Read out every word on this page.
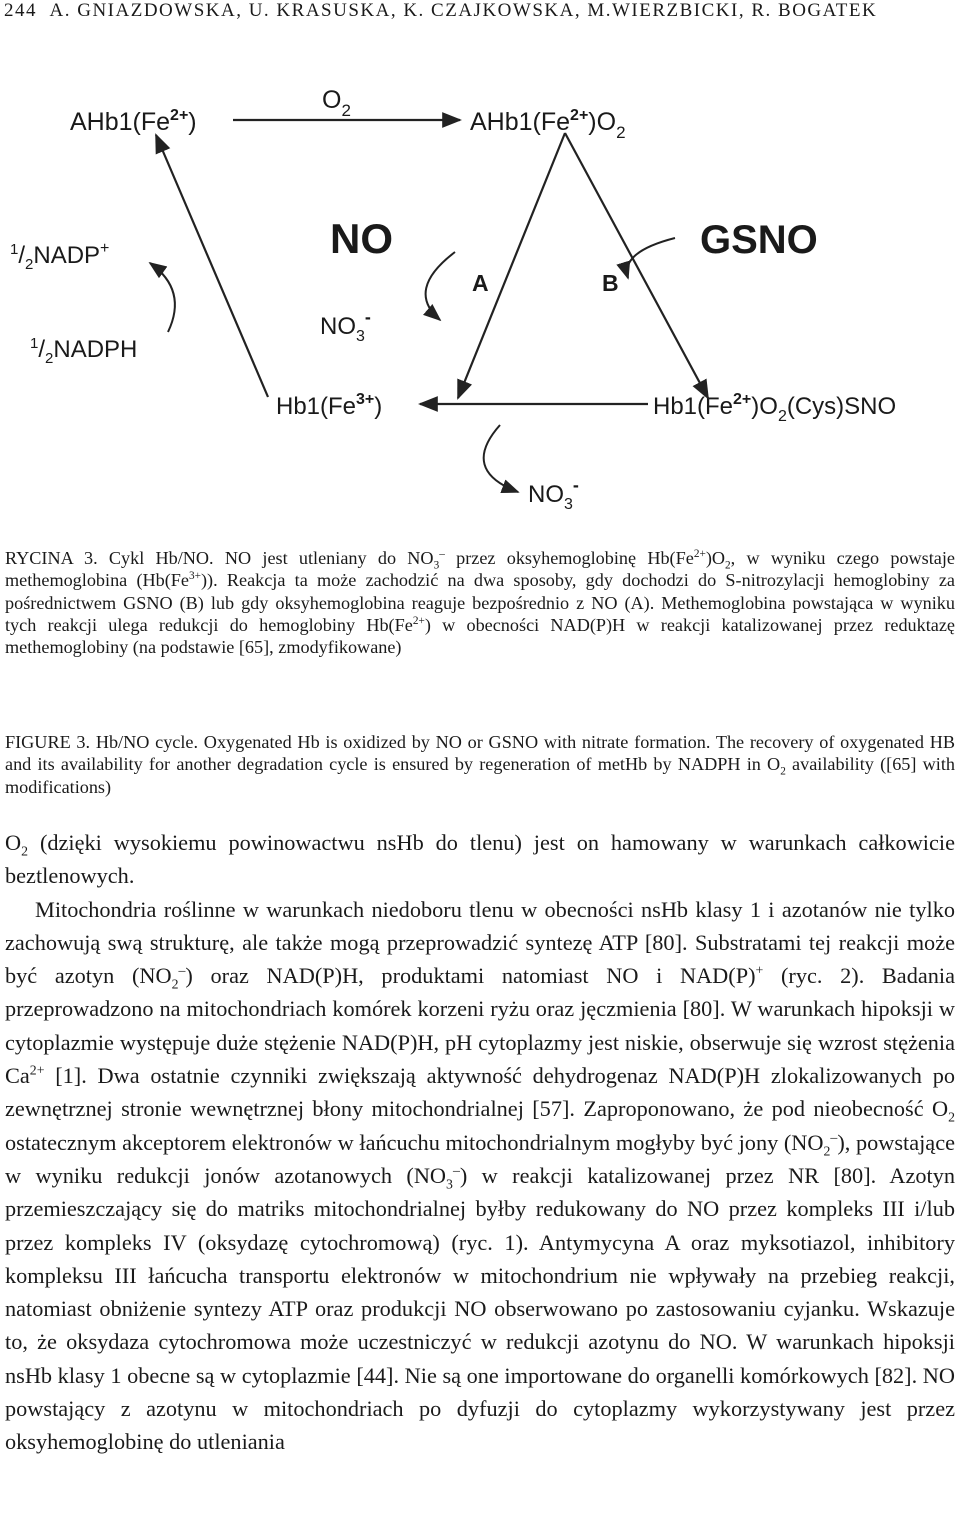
244 A. GNIAZDOWSKA, U. KRASUSKA, K. CZAJKOWSKA, M.WIERZBICKI, R. BOGATEK
$AHb1(Fe^{2+})$
$O_2$	$AHb1(Fe^{2+})O_2$
NO	GSNO
$^1/_2NADP^+$
$^1/_2NADPH$
A	B
$NO_3^-$
$Hb1(Fe^{3+})$	$Hb1(Fe^{2+})O_2(Cys)SNO$
$NO_3^-$
RYCINA 3. Cykl Hb/NO. NO jest utleniany do $NO_3^-$ przez oksyhemoglobinę $Hb(Fe^{2+})O_2$, w wyniku czego powstaje methemoglobina $(Hb(Fe^{3+}))$. Reakcja ta może zachodzić na dwa sposoby, gdy dochodzi do S-nitrozylacji hemoglobiny za pośrednictwem GSNO (B) lub gdy oksyhemoglobina reaguje bezpośrednio z NO (A). Methemoglobina powstająca w wyniku tych reakcji ulega redukcji do hemoglobiny $Hb(Fe^{2+})$ w obecności NAD(P)H w reakcji katalizowanej przez reduktazę methemoglobiny (na podstawie [65], zmodyfikowane)
FIGURE 3. Hb/NO cycle. Oxygenated Hb is oxidized by NO or GSNO with nitrate formation. The recovery of oxygenated HB and its availability for another degradation cycle is ensured by regeneration of metHb by NADPH in $O_2$ availability ([65] with modifications)

$O_2$ (dzięki wysokiemu powinowactwu nsHb do tlenu) jest on hamowany w warunkach całkowicie beztlenowych.

Mitochondria roślinne w warunkach niedoboru tlenu w obecności nsHb klasy 1 i azotanów nie tylko zachowują swą strukturę, ale także mogą przeprowadzić syntezę ATP [80]. Substratami tej reakcji może być azotyn $(NO_2^-)$ oraz NAD(P)H, produktami natomiast NO i NAD(P)+ (ryc. 2). Badania przeprowadzono na mitochondriach komórek korzeni ryżu oraz jęczmienia [80]. W warunkach hipoksji w cytoplazmie występuje duże stężenie NAD(P)H, pH cytoplazmy jest niskie, obserwuje się wzrost stężenia $Ca^{2+}$ [1]. Dwa ostatnie czynniki zwiększają aktywność dehydrogenaz NAD(P)H zlokalizowanych po zewnętrznej stronie wewnętrznej błony mitochondrialnej [57]. Zaproponowano, że pod nieobecność $O_2$ ostatecznym akceptorem elektronów w łańcuchu mitochondrialnym mogłyby być jony $(NO_2^-)$, powstające w wyniku redukcji jonów azotanowych $(NO_3^-)$ w reakcji katalizowanej przez NR [80]. Azotyn przemieszczający się do matriks mitochondrialnej byłby redukowany do NO przez kompleks III i/lub przez kompleks IV (oksydazę cytochromową) (ryc. 1). Antymycyna A oraz myksotiazol, inhibitory kompleksu III łańcucha transportu elektronów w mitochondrium nie wpływały na przebieg reakcji, natomiast obniżenie syntezy ATP oraz produkcji NO obserwowano po zastosowaniu cyjanku. Wskazuje to, że oksydaza cytochromowa może uczestniczyć w redukcji azotynu do NO. W warunkach hipoksji nsHb klasy 1 obecne są w cytoplazmie [44]. Nie są one importowane do organelli komórkowych [82]. NO powstający z azotynu w mitochondriach po dyfuzji do cytoplazmy wykorzystywany jest przez oksyhemoglobinę do utleniania
